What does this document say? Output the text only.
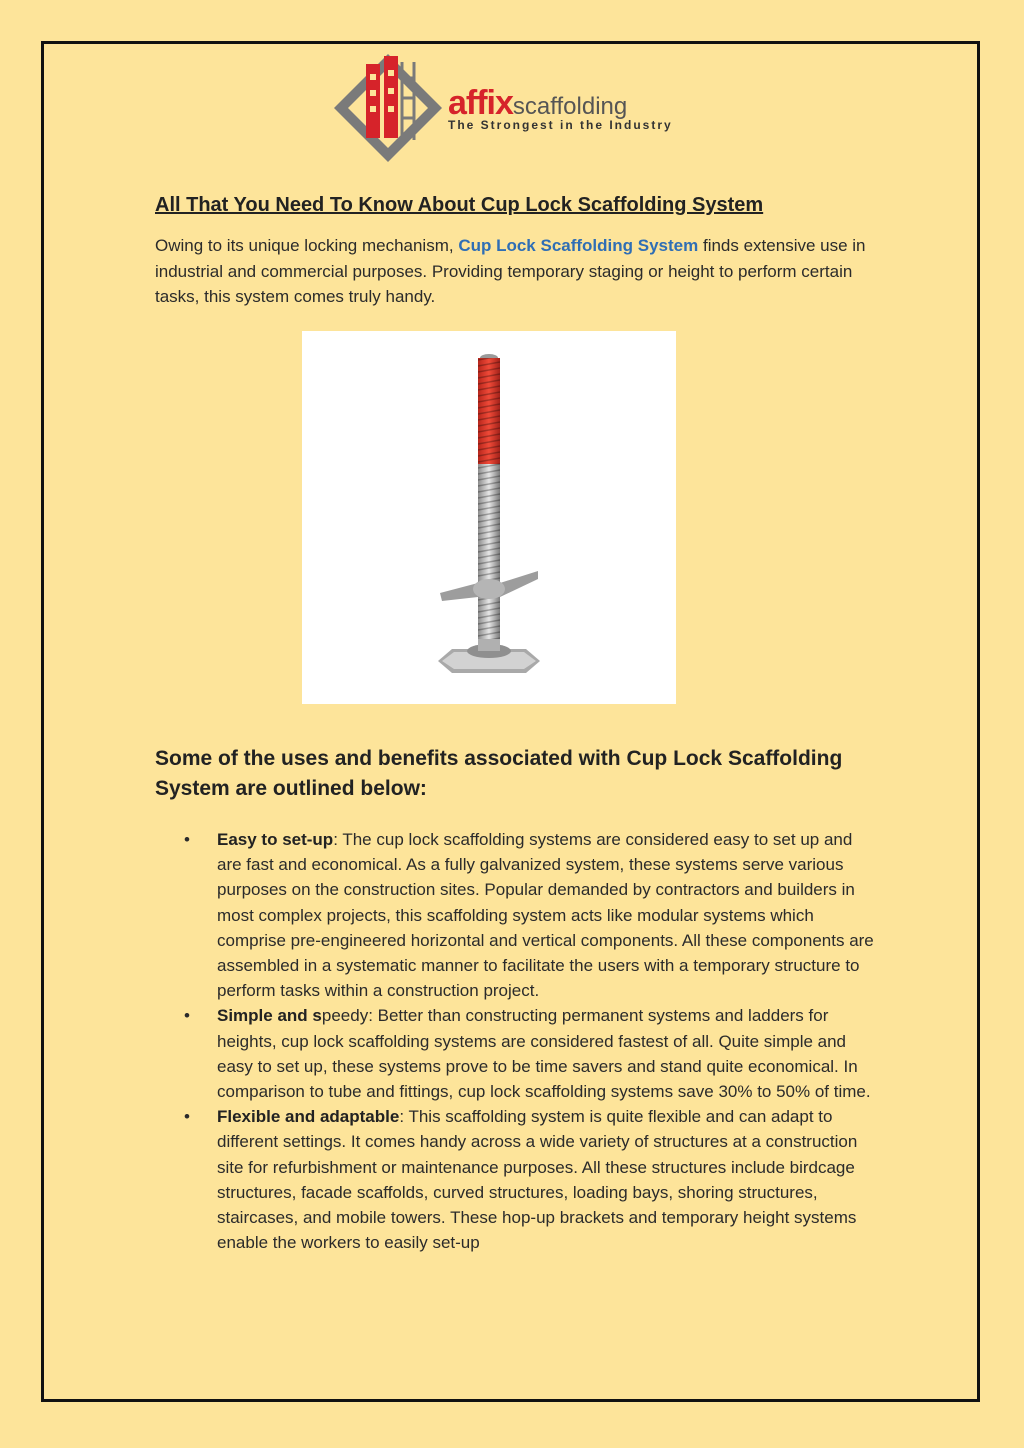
affixscaffolding
The Strongest in the Industry
All That You Need To Know About Cup Lock Scaffolding System
Owing to its unique locking mechanism, Cup Lock Scaffolding System finds extensive use in industrial and commercial purposes. Providing temporary staging or height to perform certain tasks, this system comes truly handy.
Some of the uses and benefits associated with Cup Lock Scaffolding System are outlined below:
• Easy to set-up: The cup lock scaffolding systems are considered easy to set up and are fast and economical. As a fully galvanized system, these systems serve various purposes on the construction sites. Popular demanded by contractors and builders in most complex projects, this scaffolding system acts like modular systems which comprise pre-engineered horizontal and vertical components. All these components are assembled in a systematic manner to facilitate the users with a temporary structure to perform tasks within a construction project.
• Simple and speedy: Better than constructing permanent systems and ladders for heights, cup lock scaffolding systems are considered fastest of all. Quite simple and easy to set up, these systems prove to be time savers and stand quite economical. In comparison to tube and fittings, cup lock scaffolding systems save 30% to 50% of time.
• Flexible and adaptable: This scaffolding system is quite flexible and can adapt to different settings. It comes handy across a wide variety of structures at a construction site for refurbishment or maintenance purposes. All these structures include birdcage structures, facade scaffolds, curved structures, loading bays, shoring structures, staircases, and mobile towers. These hop-up brackets and temporary height systems enable the workers to easily set-up
